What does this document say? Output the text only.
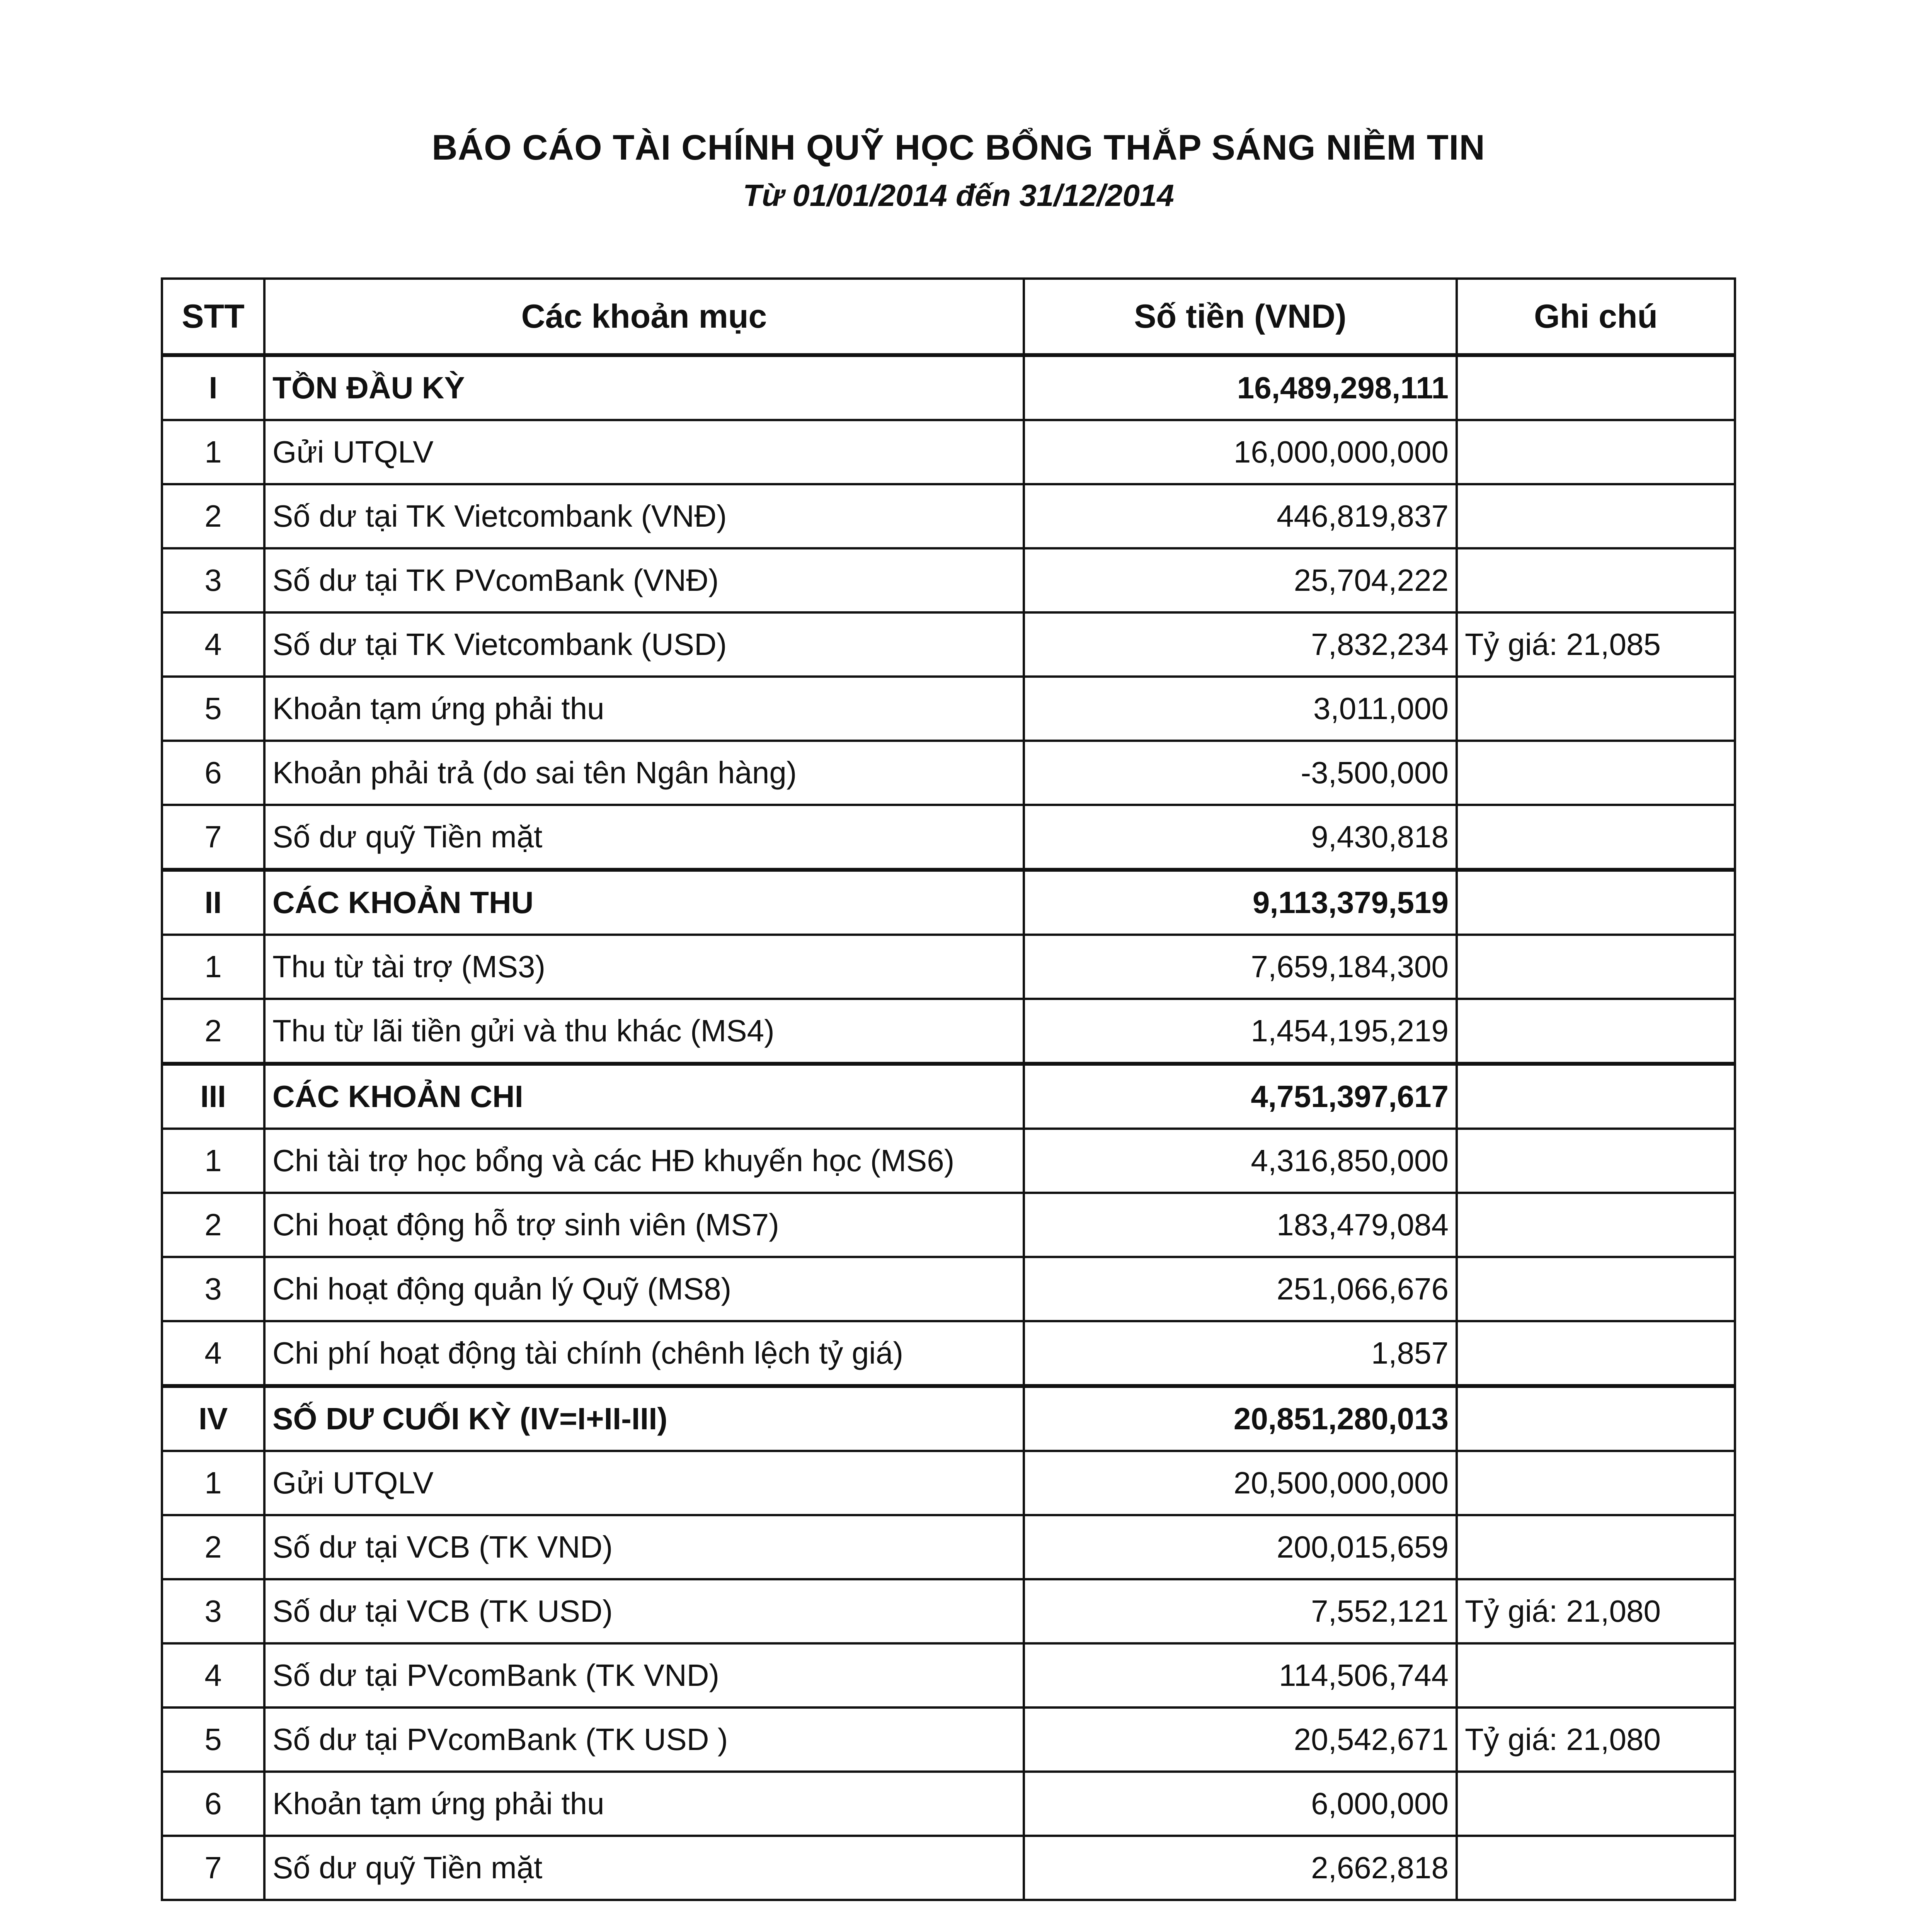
BÁO CÁO TÀI CHÍNH QUỸ HỌC BỔNG THẮP SÁNG NIỀM TIN
Từ 01/01/2014 đến 31/12/2014
STT	Các khoản mục	Số tiền (VND)	Ghi chú
I	TỒN ĐẦU KỲ	16,489,298,111	
1	Gửi UTQLV	16,000,000,000	
2	Số dư tại TK Vietcombank (VNĐ)	446,819,837	
3	Số dư tại TK PVcomBank (VNĐ)	25,704,222	
4	Số dư tại TK Vietcombank (USD)	7,832,234	Tỷ giá: 21,085
5	Khoản tạm ứng phải thu	3,011,000	
6	Khoản phải trả (do sai tên Ngân hàng)	-3,500,000	
7	Số dư quỹ Tiền mặt	9,430,818	
II	CÁC KHOẢN THU	9,113,379,519	
1	Thu từ tài trợ (MS3)	7,659,184,300	
2	Thu từ lãi tiền gửi và thu khác (MS4)	1,454,195,219	
III	CÁC KHOẢN CHI	4,751,397,617	
1	Chi tài trợ học bổng và các HĐ khuyến học (MS6)	4,316,850,000	
2	Chi hoạt động hỗ trợ sinh viên (MS7)	183,479,084	
3	Chi hoạt động quản lý Quỹ (MS8)	251,066,676	
4	Chi phí hoạt động tài chính (chênh lệch tỷ giá)	1,857	
IV	SỐ DƯ CUỐI KỲ (IV=I+II-III)	20,851,280,013	
1	Gửi UTQLV	20,500,000,000	
2	Số dư tại VCB (TK VND)	200,015,659	
3	Số dư tại VCB (TK USD)	7,552,121	Tỷ giá: 21,080
4	Số dư tại PVcomBank (TK VND)	114,506,744	
5	Số dư tại PVcomBank (TK USD )	20,542,671	Tỷ giá: 21,080
6	Khoản tạm ứng phải thu	6,000,000	
7	Số dư quỹ Tiền mặt	2,662,818	
